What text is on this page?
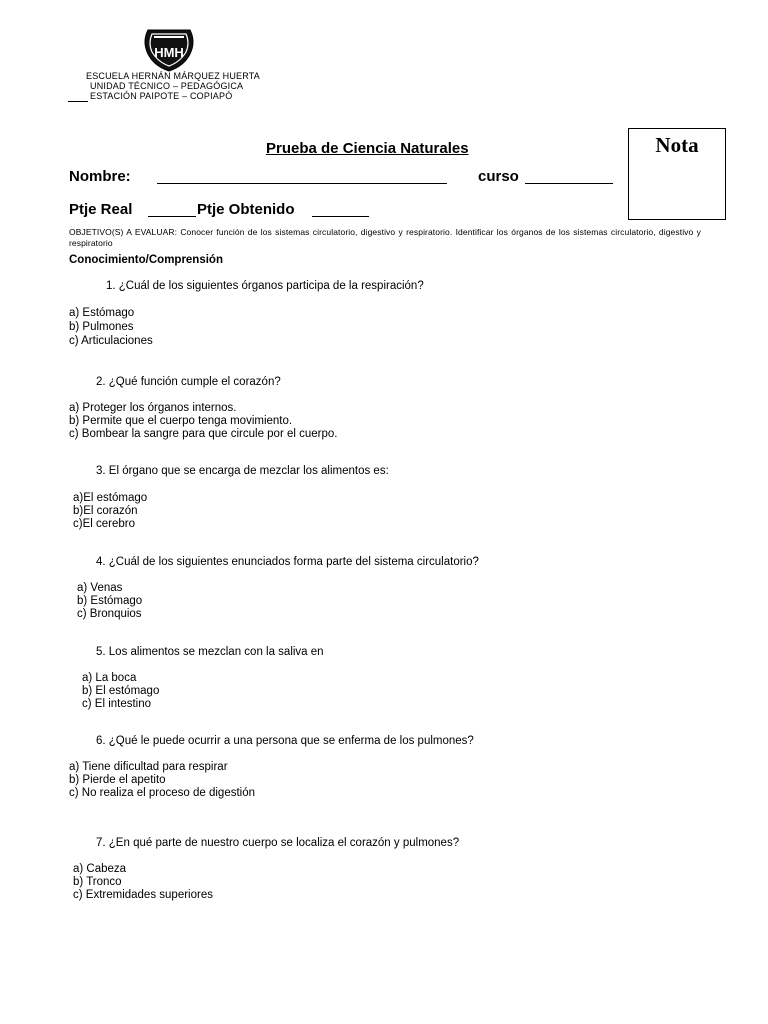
HMH
ESCUELA HERNÁN MÁRQUEZ HUERTA
UNIDAD TÉCNICO – PEDAGÓGICA
ESTACIÓN PAIPOTE – COPIAPÓ
Prueba de Ciencia Naturales	Nota
Nombre:	curso
Ptje Real	Ptje Obtenido
OBJETIVO(S) A EVALUAR: Conocer función de los sistemas circulatorio, digestivo y respiratorio. Identificar los órganos de los sistemas circulatorio, digestivo y respiratorio
Conocimiento/Comprensión
1. ¿Cuál de los siguientes órganos participa de la respiración?
a) Estómago
b) Pulmones
c) Articulaciones
2. ¿Qué función cumple el corazón?
a) Proteger los órganos internos.
b) Permite que el cuerpo tenga movimiento.
c) Bombear la sangre para que circule por el cuerpo.
3. El órgano que se encarga de mezclar los alimentos es:
a)El estómago
b)El corazón
c)El cerebro
4. ¿Cuál de los siguientes enunciados forma parte del sistema circulatorio?
a) Venas
b) Estómago
c) Bronquios
5. Los alimentos se mezclan con la saliva en
a) La boca
b) El estómago
c) El intestino
6. ¿Qué le puede ocurrir a una persona que se enferma de los pulmones?
a) Tiene dificultad para respirar
b) Pierde el apetito
c) No realiza el proceso de digestión
7. ¿En qué parte de nuestro cuerpo se localiza el corazón y pulmones?
a) Cabeza
b) Tronco
c) Extremidades superiores
